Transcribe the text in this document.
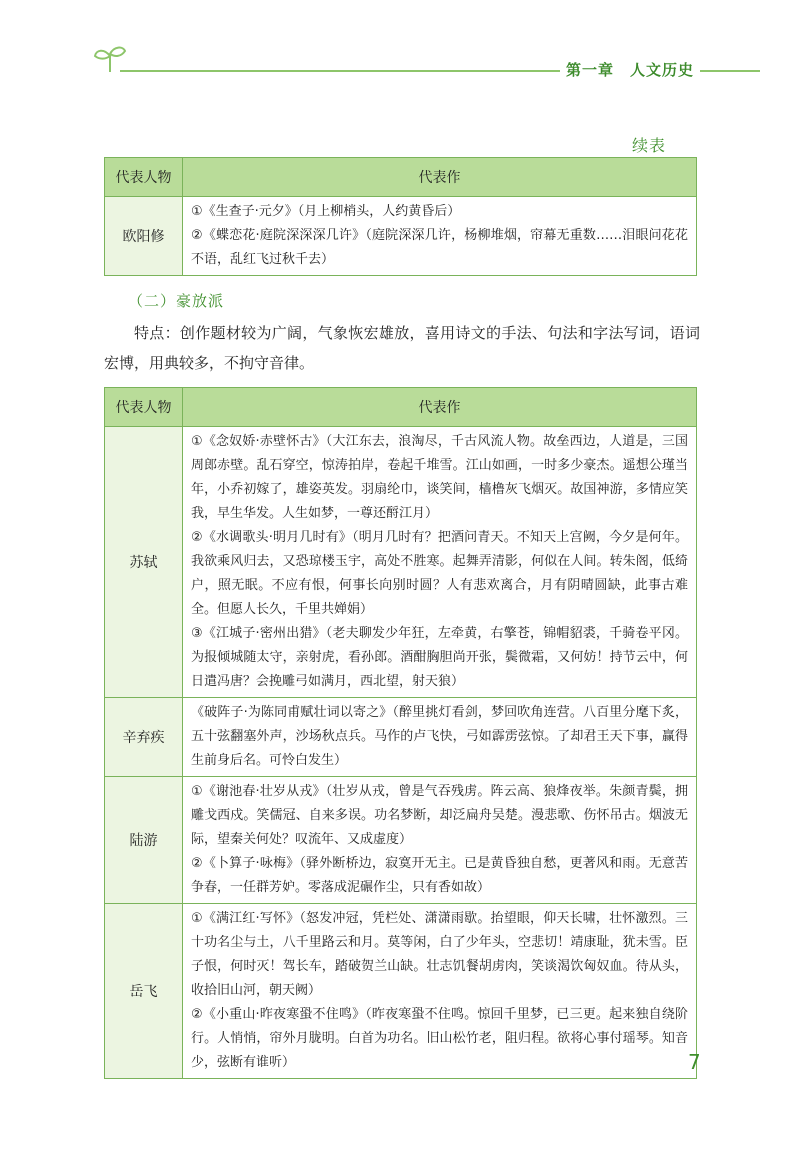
第一章　人文历史
续表
代表人物	代表作
欧阳修	①《生查子·元夕》（月上柳梢头，人约黄昏后）
②《蝶恋花·庭院深深深几许》（庭院深深几许，杨柳堆烟，帘幕无重数……泪眼问花花不语，乱红飞过秋千去）
（二）豪放派
特点：创作题材较为广阔，气象恢宏雄放，喜用诗文的手法、句法和字法写词，语词宏博，用典较多，不拘守音律。
代表人物	代表作
苏轼	①《念奴娇·赤壁怀古》（大江东去，浪淘尽，千古风流人物。故垒西边，人道是，三国周郎赤壁。乱石穿空，惊涛拍岸，卷起千堆雪。江山如画，一时多少豪杰。遥想公瑾当年，小乔初嫁了，雄姿英发。羽扇纶巾，谈笑间，樯橹灰飞烟灭。故国神游，多情应笑我，早生华发。人生如梦，一尊还酹江月）
②《水调歌头·明月几时有》（明月几时有？把酒问青天。不知天上宫阙，今夕是何年。我欲乘风归去，又恐琼楼玉宇，高处不胜寒。起舞弄清影，何似在人间。转朱阁，低绮户，照无眠。不应有恨，何事长向别时圆？人有悲欢离合，月有阴晴圆缺，此事古难全。但愿人长久，千里共婵娟）
③《江城子·密州出猎》（老夫聊发少年狂，左牵黄，右擎苍，锦帽貂裘，千骑卷平冈。为报倾城随太守，亲射虎，看孙郎。酒酣胸胆尚开张，鬓微霜，又何妨！持节云中，何日遣冯唐？会挽雕弓如满月，西北望，射天狼）

辛弃疾	《破阵子·为陈同甫赋壮词以寄之》（醉里挑灯看剑，梦回吹角连营。八百里分麾下炙，五十弦翻塞外声，沙场秋点兵。马作的卢飞快，弓如霹雳弦惊。了却君王天下事，赢得生前身后名。可怜白发生）

陆游	①《谢池春·壮岁从戎》（壮岁从戎，曾是气吞残虏。阵云高、狼烽夜举。朱颜青鬓，拥雕戈西戍。笑儒冠、自来多误。功名梦断，却泛扁舟吴楚。漫悲歌、伤怀吊古。烟波无际，望秦关何处？叹流年、又成虚度）
②《卜算子·咏梅》（驿外断桥边，寂寞开无主。已是黄昏独自愁，更著风和雨。无意苦争春，一任群芳妒。零落成泥碾作尘，只有香如故）

岳飞	①《满江红·写怀》（怒发冲冠，凭栏处、潇潇雨歇。抬望眼，仰天长啸，壮怀激烈。三十功名尘与土，八千里路云和月。莫等闲，白了少年头，空悲切！靖康耻，犹未雪。臣子恨，何时灭！驾长车，踏破贺兰山缺。壮志饥餐胡虏肉，笑谈渴饮匈奴血。待从头，收拾旧山河，朝天阙）
②《小重山·昨夜寒蛩不住鸣》（昨夜寒蛩不住鸣。惊回千里梦，已三更。起来独自绕阶行。人悄悄，帘外月胧明。白首为功名。旧山松竹老，阻归程。欲将心事付瑶琴。知音少，弦断有谁听）	7
